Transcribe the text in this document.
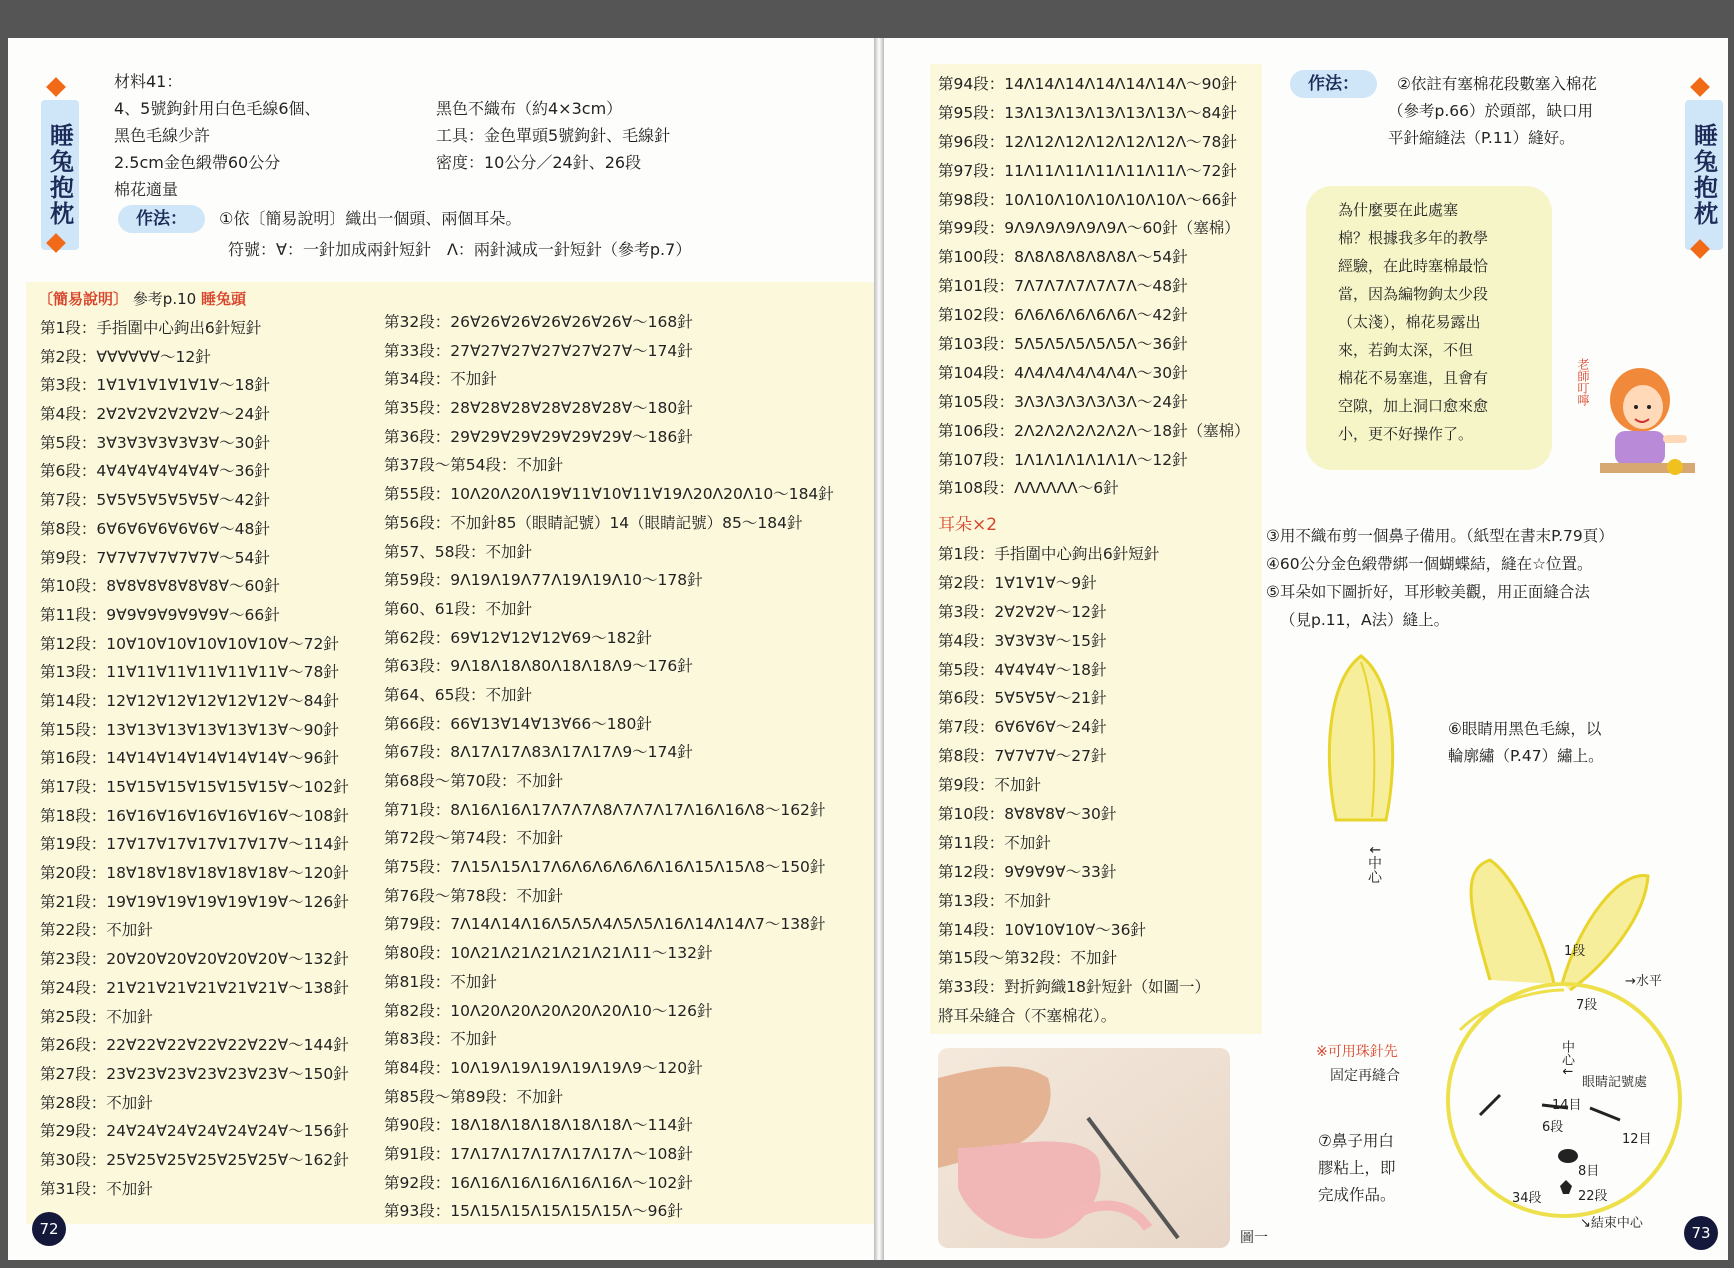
睡兔抱枕	睡兔抱枕
材料41：
4、5號鉤針用白色毛線6個、
黑色毛線少許
2.5cm金色緞帶60公分
棉花適量
黑色不織布（約4×3cm）
工具：金色單頭5號鉤針、毛線針
密度：10公分／24針、26段
作法： ①依〔簡易說明〕織出一個頭、兩個耳朵。
符號：∀：一針加成兩針短針　Λ：兩針減成一針短針（參考p.7）
〔簡易說明〕 參考p.10 睡兔頭
第1段：手指圍中心鉤出6針短針
第2段：∀∀∀∀∀∀～12針
第3段：1∀1∀1∀1∀1∀1∀～18針
第4段：2∀2∀2∀2∀2∀2∀～24針
第5段：3∀3∀3∀3∀3∀3∀～30針
第6段：4∀4∀4∀4∀4∀4∀～36針
第7段：5∀5∀5∀5∀5∀5∀～42針
第8段：6∀6∀6∀6∀6∀6∀～48針
第9段：7∀7∀7∀7∀7∀7∀～54針
第10段：8∀8∀8∀8∀8∀8∀～60針
第11段：9∀9∀9∀9∀9∀9∀～66針
第12段：10∀10∀10∀10∀10∀10∀～72針
第13段：11∀11∀11∀11∀11∀11∀～78針
第14段：12∀12∀12∀12∀12∀12∀～84針
第15段：13∀13∀13∀13∀13∀13∀～90針
第16段：14∀14∀14∀14∀14∀14∀～96針
第17段：15∀15∀15∀15∀15∀15∀～102針
第18段：16∀16∀16∀16∀16∀16∀～108針
第19段：17∀17∀17∀17∀17∀17∀～114針
第20段：18∀18∀18∀18∀18∀18∀～120針
第21段：19∀19∀19∀19∀19∀19∀～126針
第22段：不加針
第23段：20∀20∀20∀20∀20∀20∀～132針
第24段：21∀21∀21∀21∀21∀21∀～138針
第25段：不加針
第26段：22∀22∀22∀22∀22∀22∀～144針
第27段：23∀23∀23∀23∀23∀23∀～150針
第28段：不加針
第29段：24∀24∀24∀24∀24∀24∀～156針
第30段：25∀25∀25∀25∀25∀25∀～162針
第31段：不加針
第32段：26∀26∀26∀26∀26∀26∀～168針
第33段：27∀27∀27∀27∀27∀27∀～174針
第34段：不加針
第35段：28∀28∀28∀28∀28∀28∀～180針
第36段：29∀29∀29∀29∀29∀29∀～186針
第37段～第54段：不加針
第55段：10Λ20Λ20Λ19∀11∀10∀11∀19Λ20Λ20Λ10～184針
第56段：不加針85（眼睛記號）14（眼睛記號）85～184針
第57、58段：不加針
第59段：9Λ19Λ19Λ77Λ19Λ19Λ10～178針
第60、61段：不加針
第62段：69∀12∀12∀12∀69～182針
第63段：9Λ18Λ18Λ80Λ18Λ18Λ9～176針
第64、65段：不加針
第66段：66∀13∀14∀13∀66～180針
第67段：8Λ17Λ17Λ83Λ17Λ17Λ9～174針
第68段～第70段：不加針
第71段：8Λ16Λ16Λ17Λ7Λ7Λ8Λ7Λ7Λ17Λ16Λ16Λ8～162針
第72段～第74段：不加針
第75段：7Λ15Λ15Λ17Λ6Λ6Λ6Λ6Λ6Λ16Λ15Λ15Λ8～150針
第76段～第78段：不加針
第79段：7Λ14Λ14Λ16Λ5Λ5Λ4Λ5Λ5Λ16Λ14Λ14Λ7～138針
第80段：10Λ21Λ21Λ21Λ21Λ21Λ11～132針
第81段：不加針
第82段：10Λ20Λ20Λ20Λ20Λ20Λ10～126針
第83段：不加針
第84段：10Λ19Λ19Λ19Λ19Λ19Λ9～120針
第85段～第89段：不加針
第90段：18Λ18Λ18Λ18Λ18Λ18Λ～114針
第91段：17Λ17Λ17Λ17Λ17Λ17Λ～108針
第92段：16Λ16Λ16Λ16Λ16Λ16Λ～102針
第93段：15Λ15Λ15Λ15Λ15Λ15Λ～96針
第94段：14Λ14Λ14Λ14Λ14Λ14Λ～90針
第95段：13Λ13Λ13Λ13Λ13Λ13Λ～84針
第96段：12Λ12Λ12Λ12Λ12Λ12Λ～78針
第97段：11Λ11Λ11Λ11Λ11Λ11Λ～72針
第98段：10Λ10Λ10Λ10Λ10Λ10Λ～66針
第99段：9Λ9Λ9Λ9Λ9Λ9Λ～60針（塞棉）
第100段：8Λ8Λ8Λ8Λ8Λ8Λ～54針
第101段：7Λ7Λ7Λ7Λ7Λ7Λ～48針
第102段：6Λ6Λ6Λ6Λ6Λ6Λ～42針
第103段：5Λ5Λ5Λ5Λ5Λ5Λ～36針
第104段：4Λ4Λ4Λ4Λ4Λ4Λ～30針
第105段：3Λ3Λ3Λ3Λ3Λ3Λ～24針
第106段：2Λ2Λ2Λ2Λ2Λ2Λ～18針（塞棉）
第107段：1Λ1Λ1Λ1Λ1Λ1Λ～12針
第108段：ΛΛΛΛΛΛ～6針
耳朵×2
第1段：手指圍中心鉤出6針短針
第2段：1∀1∀1∀～9針
第3段：2∀2∀2∀～12針
第4段：3∀3∀3∀～15針
第5段：4∀4∀4∀～18針
第6段：5∀5∀5∀～21針
第7段：6∀6∀6∀～24針
第8段：7∀7∀7∀～27針
第9段：不加針
第10段：8∀8∀8∀～30針
第11段：不加針
第12段：9∀9∀9∀～33針
第13段：不加針
第14段：10∀10∀10∀～36針
第15段～第32段：不加針
第33段：對折鉤織18針短針（如圖一）
將耳朵縫合（不塞棉花）。
作法： ②依註有塞棉花段數塞入棉花
（參考p.66）於頭部，缺口用
平針縮縫法（P.11）縫好。
為什麼要在此處塞
棉？根據我多年的教學
經驗，在此時塞棉最恰
當，因為編物鉤太少段
（太淺），棉花易露出
來，若鉤太深，不但
棉花不易塞進，且會有
空隙，加上洞口愈來愈
小，更不好操作了。
老師叮嚀
③用不織布剪一個鼻子備用。（紙型在書末P.79頁）
④60公分金色緞帶綁一個蝴蝶結，縫在☆位置。
⑤耳朵如下圖折好，耳形較美觀，用正面縫合法
（見p.11，A法）縫上。
↓中心
⑥眼睛用黑色毛線，以
輪廓繡（P.47）繡上。
1段
→水平
7段
中心↓
眼睛記號處
14目
6段
12目
8目
34段	22段
↘結束中心
※可用珠針先
固定再縫合
⑦鼻子用白
膠粘上，即
完成作品。
圖一
72	73
